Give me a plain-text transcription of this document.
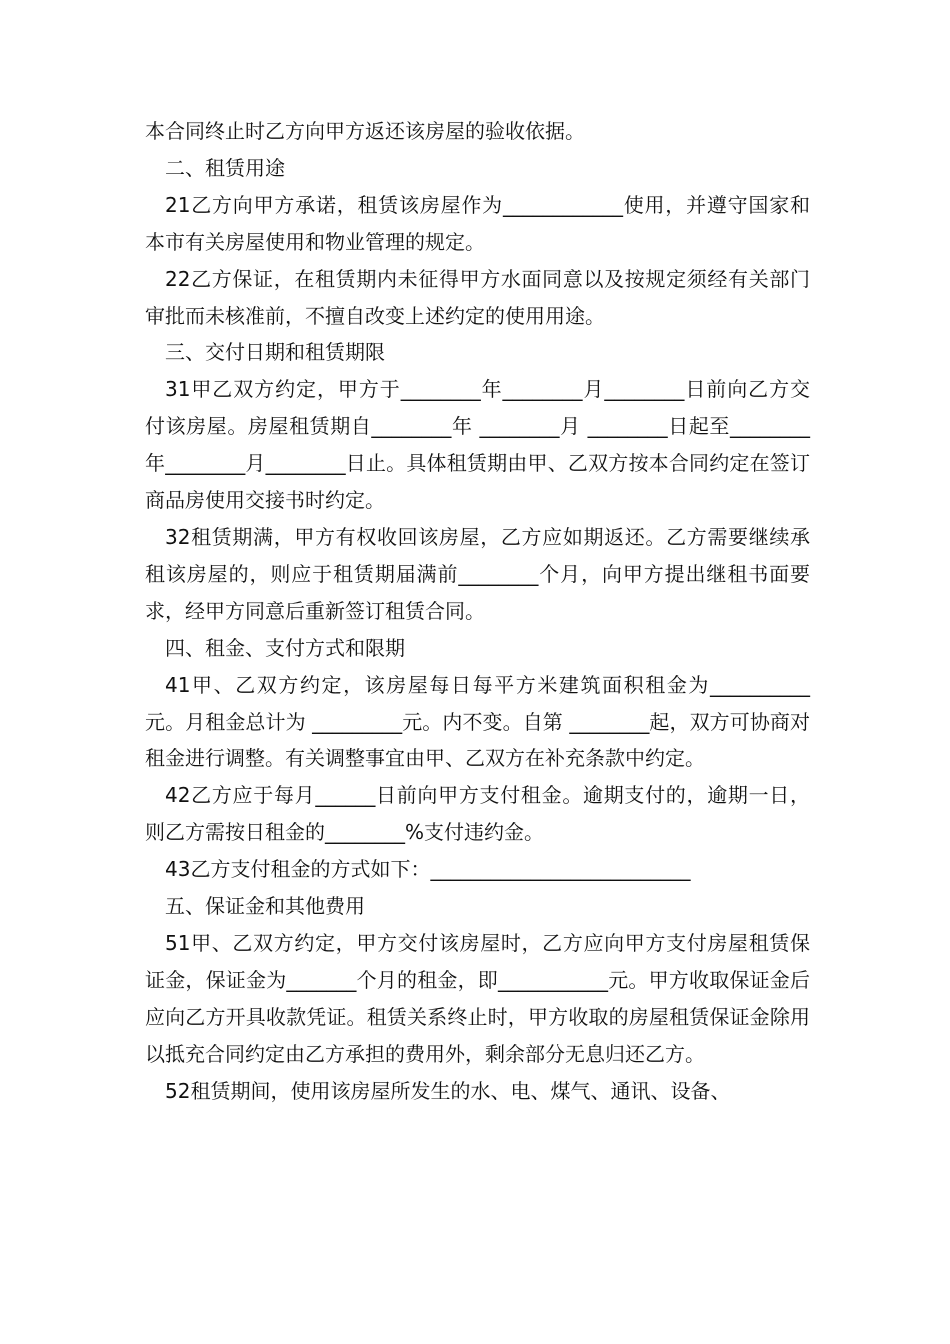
本合同终止时乙方向甲方返还该房屋的验收依据。

二、租赁用途

21乙方向甲方承诺，租赁该房屋作为____________使用，并遵守国家和本市有关房屋使用和物业管理的规定。

22乙方保证，在租赁期内未征得甲方水面同意以及按规定须经有关部门审批而未核准前，不擅自改变上述约定的使用用途。

三、交付日期和租赁期限

31甲乙双方约定，甲方于________年________月________日前向乙方交付该房屋。房屋租赁期自________年 ________月 ________日起至________年________月________日止。具体租赁期由甲、乙双方按本合同约定在签订商品房使用交接书时约定。

32租赁期满，甲方有权收回该房屋，乙方应如期返还。乙方需要继续承租该房屋的，则应于租赁期届满前________个月，向甲方提出继租书面要求，经甲方同意后重新签订租赁合同。

四、租金、支付方式和限期

41甲、乙双方约定，该房屋每日每平方米建筑面积租金为__________元。月租金总计为 _________元。内不变。自第 ________起，双方可协商对租金进行调整。有关调整事宜由甲、乙双方在补充条款中约定。

42乙方应于每月______日前向甲方支付租金。逾期支付的，逾期一日，则乙方需按日租金的________%支付违约金。

43乙方支付租金的方式如下：__________________________

五、保证金和其他费用

51甲、乙双方约定，甲方交付该房屋时，乙方应向甲方支付房屋租赁保证金，保证金为_______个月的租金，即___________元。甲方收取保证金后应向乙方开具收款凭证。租赁关系终止时，甲方收取的房屋租赁保证金除用以抵充合同约定由乙方承担的费用外，剩余部分无息归还乙方。

52租赁期间，使用该房屋所发生的水、电、煤气、通讯、设备、
